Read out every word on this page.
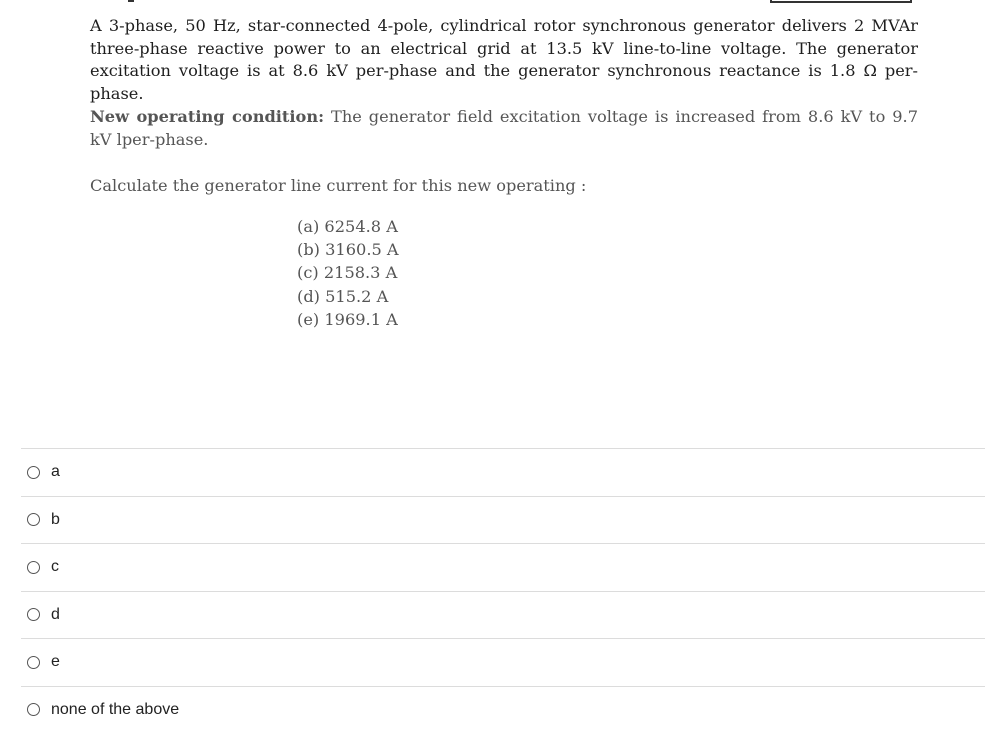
A 3-phase, 50 Hz, star-connected 4-pole, cylindrical rotor synchronous generator delivers 2 MVAr three-phase reactive power to an electrical grid at 13.5 kV line-to-line voltage. The generator excitation voltage is at 8.6 kV per-phase and the generator synchronous reactance is 1.8 Ω per-phase.

New operating condition: The generator field excitation voltage is increased from 8.6 kV to 9.7 kV lper-phase.

Calculate the generator line current for this new operating :

(a) 6254.8 A
(b) 3160.5 A
(c) 2158.3 A
(d) 515.2 A
(e) 1969.1 A
a
b
c
d
e
none of the above
